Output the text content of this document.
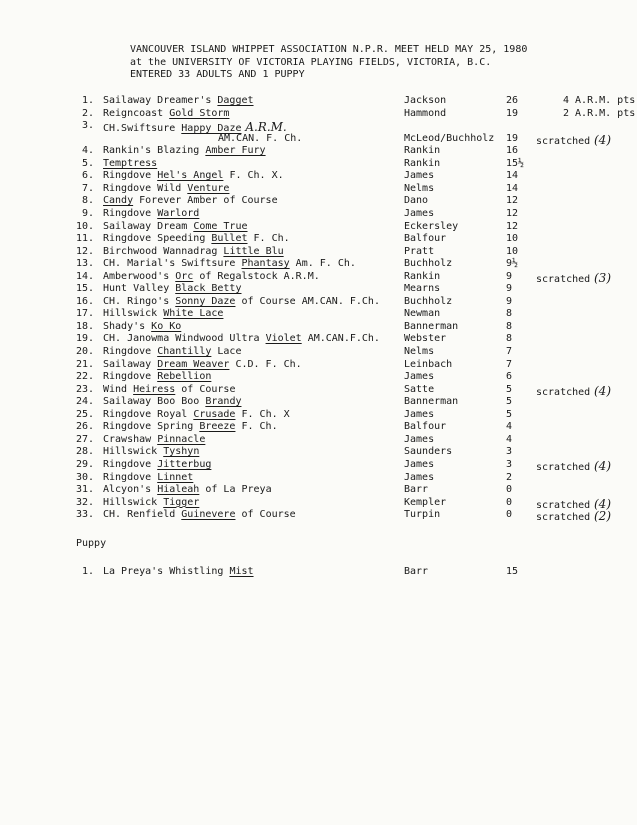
VANCOUVER ISLAND WHIPPET ASSOCIATION N.P.R. MEET HELD MAY 25, 1980
at the UNIVERSITY OF VICTORIA PLAYING FIELDS, VICTORIA, B.C.
ENTERED 33 ADULTS AND 1 PUPPY
1. Sailaway Dreamer's Dagget	Jackson	26	4 A.R.M. pts
2. Reigncoast Gold Storm	Hammond	19	2 A.R.M. pts
3. CH.Swiftsure Happy Daze A.R.M.
AM.CAN. F. Ch.	McLeod/Buchholz 19 scratched (4)
4. Rankin's Blazing Amber Fury	Rankin	16
5. Temptress	Rankin	15½
6. Ringdove Hel's Angel F. Ch. X.	James	14
7. Ringdove Wild Venture	Nelms	14
8. Candy Forever Amber of Course	Dano	12
9. Ringdove Warlord	James	12
10. Sailaway Dream Come True	Eckersley	12
11. Ringdove Speeding Bullet F. Ch.	Balfour	10
12. Birchwood Wannadrag Little Blu	Pratt	10
13. CH. Marial's Swiftsure Phantasy Am. F. Ch.	Buchholz	9½
14. Amberwood's Orc of Regalstock A.R.M.	Rankin	9 scratched (3)
15. Hunt Valley Black Betty	Mearns	9
16. CH. Ringo's Sonny Daze of Course AM.CAN. F.Ch. Buchholz	9
17. Hillswick White Lace	Newman	8
18. Shady's Ko Ko	Bannerman	8
19. CH. Janowma Windwood Ultra Violet AM.CAN.F.Ch. Webster	8
20. Ringdove Chantilly Lace	Nelms	7
21. Sailaway Dream Weaver C.D. F. Ch.	Leinbach	7
22. Ringdove Rebellion	James	6
23. Wind Heiress of Course	Satte	5 scratched (4)
24. Sailaway Boo Boo Brandy	Bannerman	5
25. Ringdove Royal Crusade F. Ch. X	James	5
26. Ringdove Spring Breeze F. Ch.	Balfour	4
27. Crawshaw Pinnacle	James	4
28. Hillswick Tyshyn	Saunders	3
29. Ringdove Jitterbug	James	3 scratched (4)
30. Ringdove Linnet	James	2
31. Alcyon's Hialeah of La Preya	Barr	0
32. Hillswick Tigger	Kempler	0 scratched (4)
33. CH. Renfield Guinevere of Course	Turpin	0 scratched (2)
Puppy
1. La Preya's Whistling Mist	Barr	15
